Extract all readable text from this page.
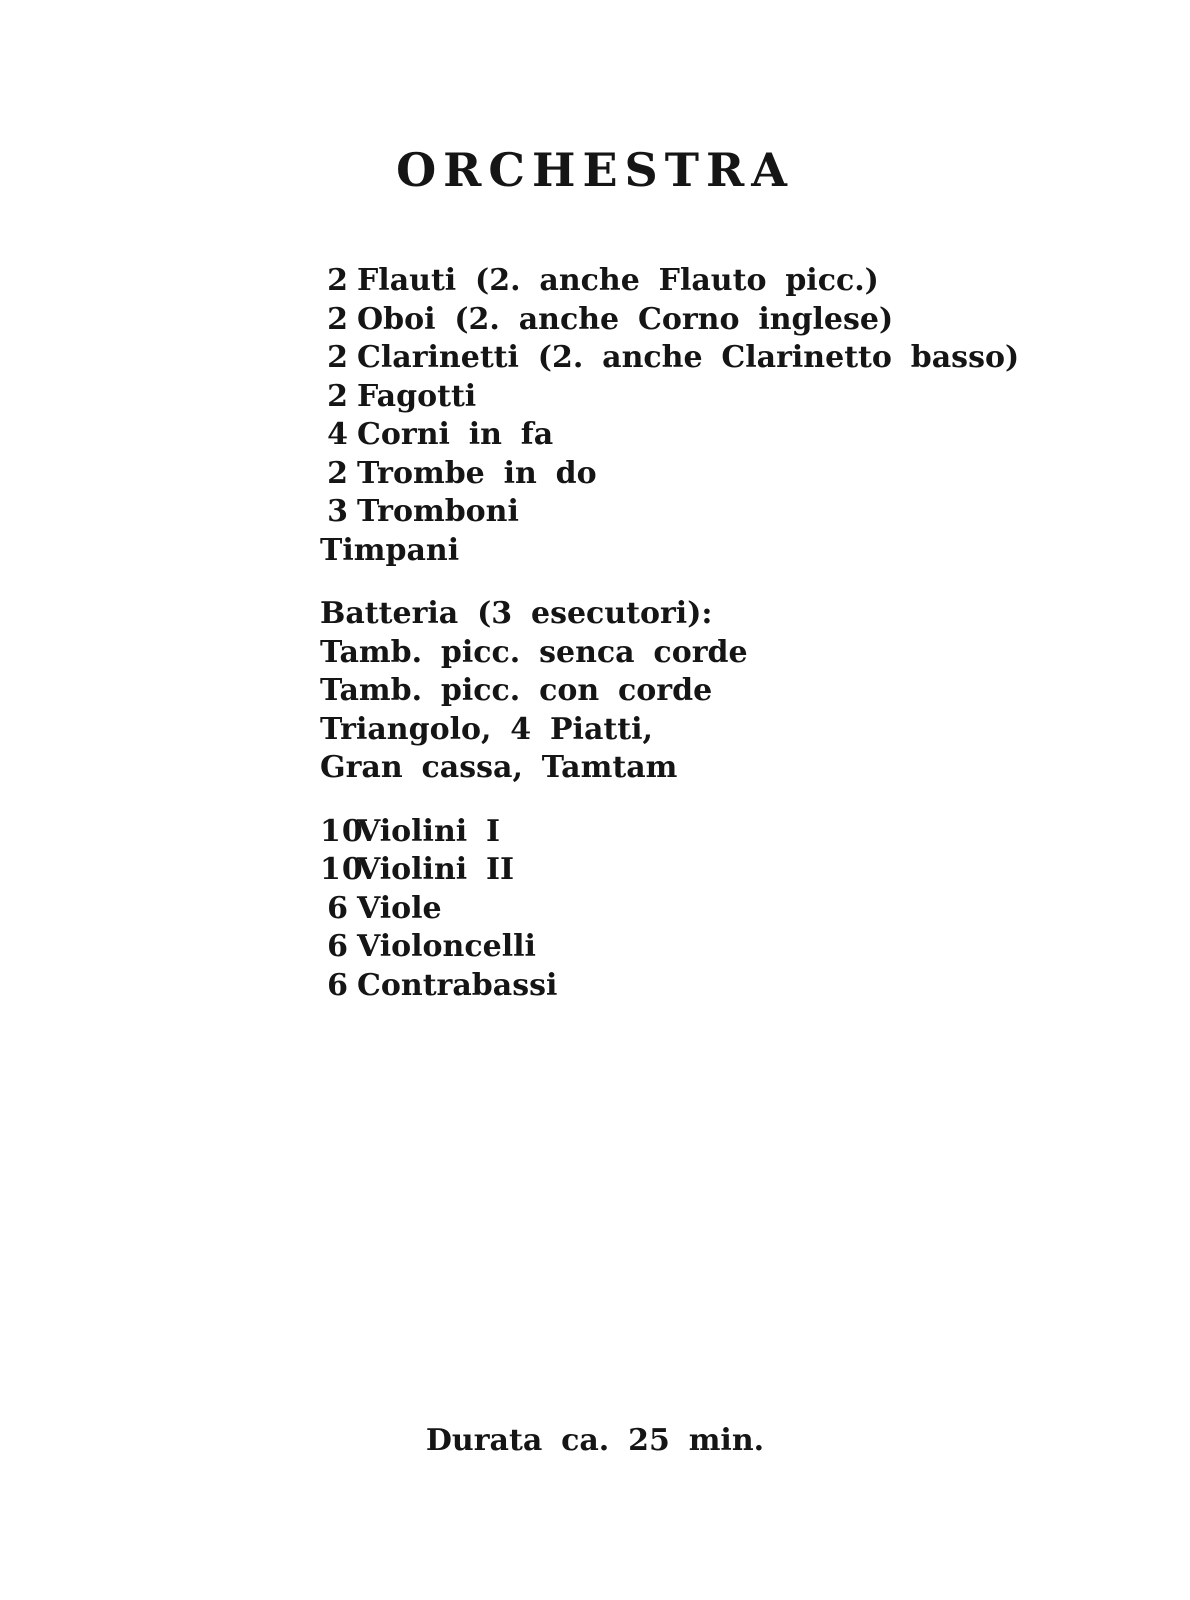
ORCHESTRA
2 Flauti (2. anche Flauto picc.)
2 Oboi (2. anche Corno inglese)
2 Clarinetti (2. anche Clarinetto basso)
2 Fagotti
4 Corni in fa
2 Trombe in do
3 Tromboni
Timpani
Batteria (3 esecutori):
Tamb. picc. senca corde
Tamb. picc. con corde
Triangolo, 4 Piatti,
Gran cassa, Tamtam
10
Violini I
10
Violini II
6 Viole
6 Violoncelli
6 Contrabassi
Durata ca. 25 min.
